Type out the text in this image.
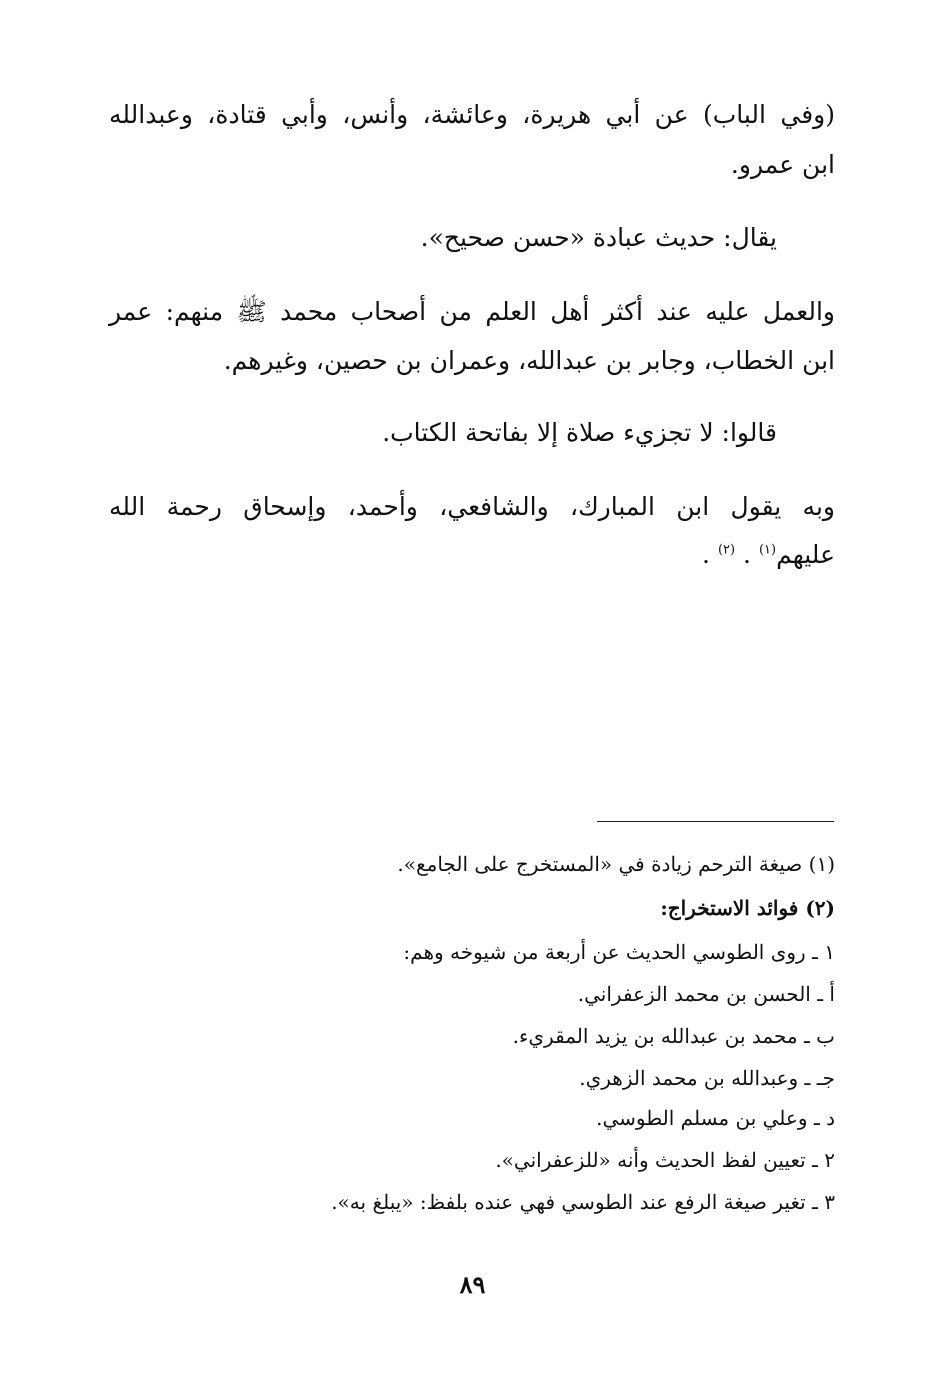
(وفي الباب) عن أبي هريرة، وعائشة، وأنس، وأبي قتادة، وعبدالله
ابن عمرو.
يقال: حديث عبادة «حسن صحيح».
والعمل عليه عند أكثر أهل العلم من أصحاب محمد ﷺ منهم: عمر
ابن الخطاب، وجابر بن عبدالله، وعمران بن حصين، وغيرهم.
قالوا: لا تجزيء صلاة إلا بفاتحة الكتاب.
وبه يقول ابن المبارك، والشافعي، وأحمد، وإسحاق رحمة الله
عليهم$^{(١)}$ . $^{(٢)}$ .
(١) صيغة الترحم زيادة في «المستخرج على الجامع».
(٢) فوائد الاستخراج:
١ ـ روى الطوسي الحديث عن أربعة من شيوخه وهم:
أ ـ الحسن بن محمد الزعفراني.
ب ـ محمد بن عبدالله بن يزيد المقريء.
جـ ـ وعبدالله بن محمد الزهري.
د ـ وعلي بن مسلم الطوسي.
٢ ـ تعيين لفظ الحديث وأنه «للزعفراني».
٣ ـ تغير صيغة الرفع عند الطوسي فهي عنده بلفظ: «يبلغ به».
٨٩
